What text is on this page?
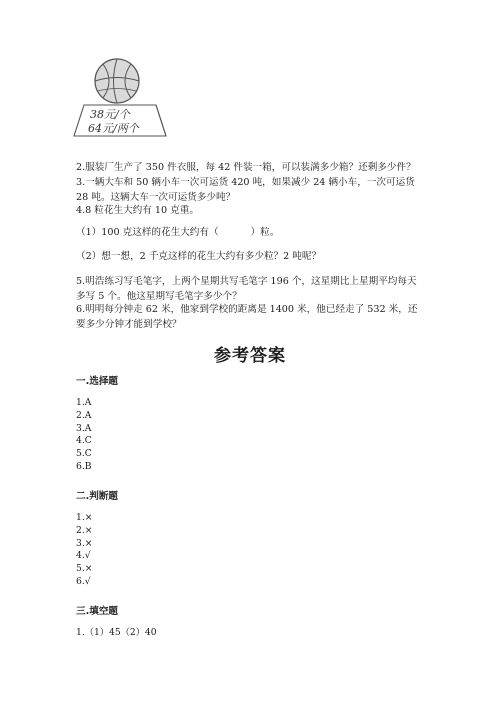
38元/个
64元/两个

2.服装厂生产了 350 件衣服，每 42 件装一箱，可以装满多少箱？还剩多少件？

3.一辆大车和 50 辆小车一次可运货 420 吨，如果减少 24 辆小车，一次可运货 28 吨。这辆大车一次可运货多少吨？

4.8 粒花生大约有 10 克重。

（1）100 克这样的花生大约有（	）粒。

（2）想一想，2 千克这样的花生大约有多少粒？2 吨呢？

5.明浩练习写毛笔字，上两个星期共写毛笔字 196 个，这星期比上星期平均每天多写 5 个。他这星期写毛笔字多少个？

6.明明每分钟走 62 米，他家到学校的距离是 1400 米，他已经走了 532 米，还要多少分钟才能到学校？

参考答案
一.选择题
1.A
2.A
3.A
4.C
5.C
6.B
二.判断题
1.×
2.×
3.×
4.√
5.×
6.√
三.填空题
1.（1）45（2）40
